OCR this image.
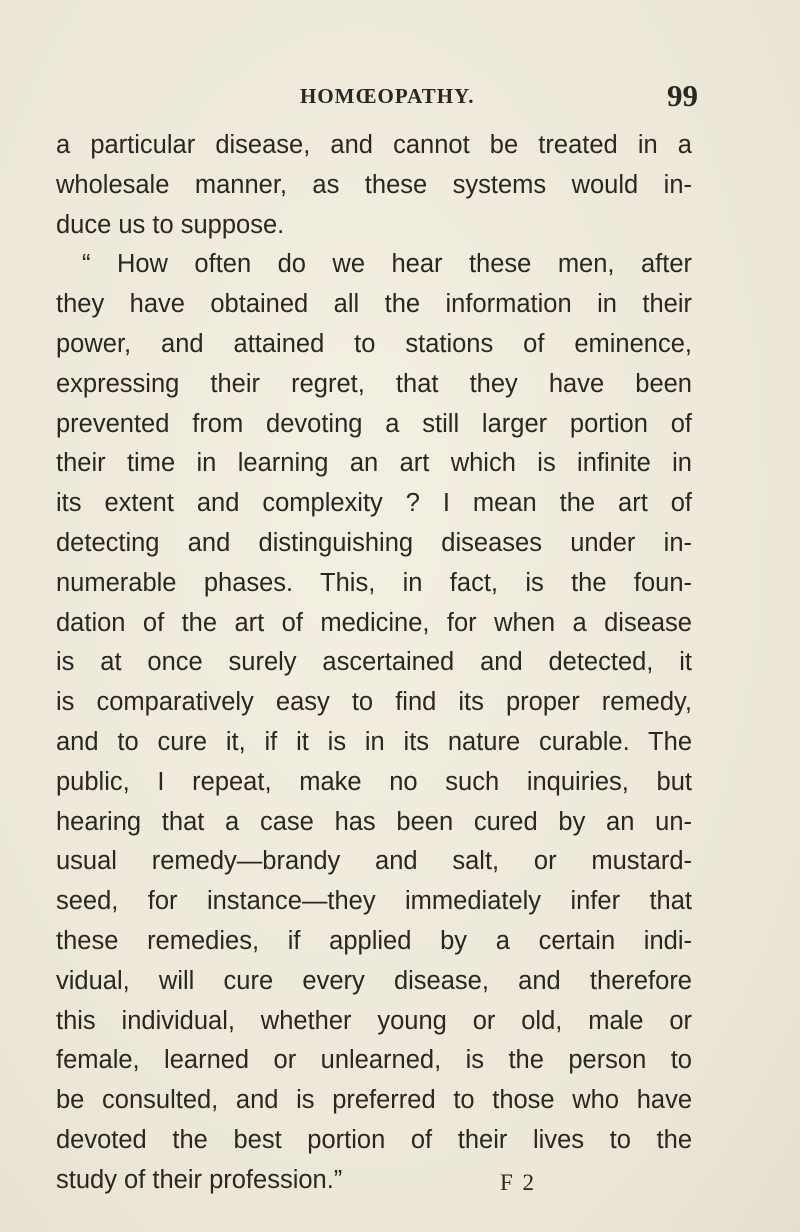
HOMŒOPATHY.	99
a particular disease, and cannot be treated in a
wholesale manner, as these systems would in-
duce us to suppose.
“ How often do we hear these men, after
they have obtained all the information in their
power, and attained to stations of eminence,
expressing their regret, that they have been
prevented from devoting a still larger portion of
their time in learning an art which is infinite in
its extent and complexity ? I mean the art of
detecting and distinguishing diseases under in-
numerable phases. This, in fact, is the foun-
dation of the art of medicine, for when a disease
is at once surely ascertained and detected, it
is comparatively easy to find its proper remedy,
and to cure it, if it is in its nature curable. The
public, I repeat, make no such inquiries, but
hearing that a case has been cured by an un-
usual remedy—brandy and salt, or mustard-
seed, for instance—they immediately infer that
these remedies, if applied by a certain indi-
vidual, will cure every disease, and therefore
this individual, whether young or old, male or
female, learned or unlearned, is the person to
be consulted, and is preferred to those who have
devoted the best portion of their lives to the
study of their profession.”	F 2
